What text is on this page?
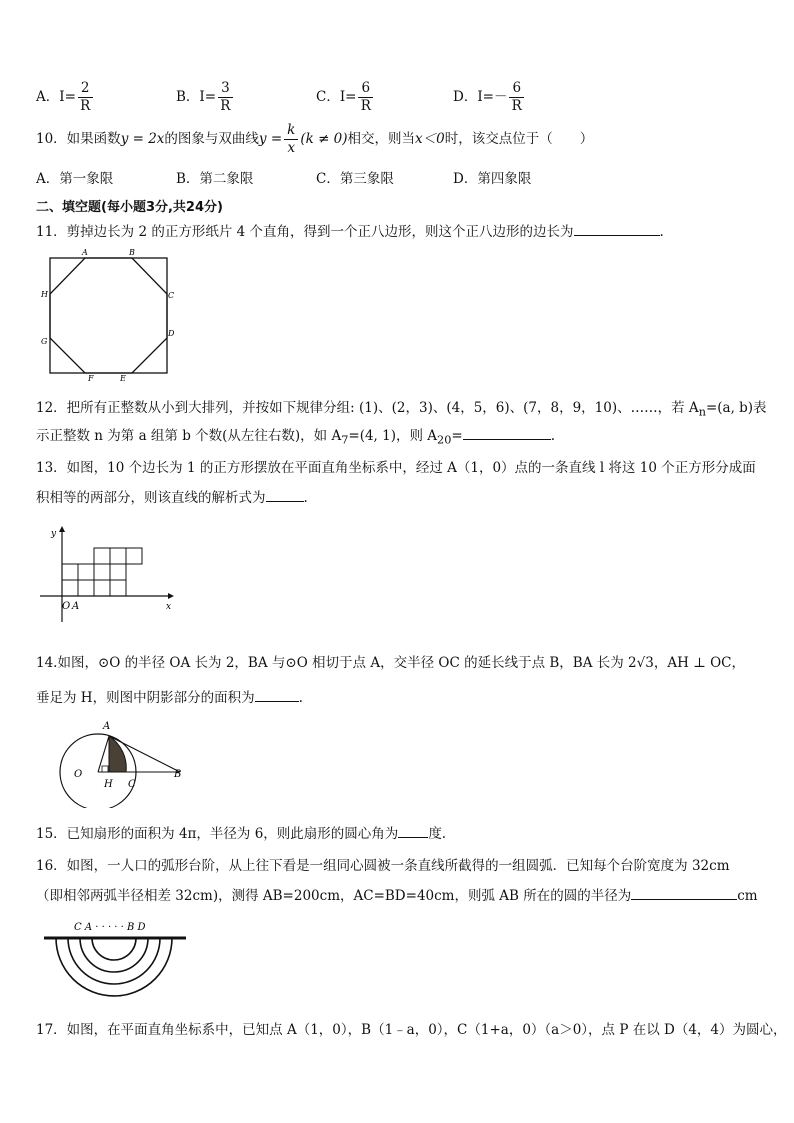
A．$I= \frac{2}{R}$	B．$I= \frac{3}{R}$	C．$I= \frac{6}{R}$	D．$I=- \frac{6}{R}$
10．如果函数y = 2x的图象与双曲线$y = \frac{k}{x} (k \ne 0)$相交，则当x＜0时，该交点位于（　　）
A．第一象限	B．第二象限	C．第三象限	D．第四象限
二、填空题(每小题3分,共24分)
11．剪掉边长为 2 的正方形纸片 4 个直角，得到一个正八边形，则这个正八边形的边长为	.
A	B
C
D
E
F
G
H
12．把所有正整数从小到大排列，并按如下规律分组: (1)、(2，3)、(4，5，6)、(7，8，9，10)、……，若 $A_n=(a$, b)表
示正整数 n 为第 a 组第 b 个数(从左往右数)，如 $A_7=(4$, 1)，则 $A_{20}=$	.
13．如图，10 个边长为 1 的正方形摆放在平面直角坐标系中，经过 A（1，0）点的一条直线 l 将这 10 个正方形分成面
积相等的两部分，则该直线的解析式为	.
y
x
O A
14.如图，⊙O 的半径 OA 长为 2，BA 与⊙O 相切于点 A，交半径 OC 的延长线于点 B，BA 长为 2√3，AH ⊥ OC，
垂足为 H，则图中阴影部分的面积为	.
A
O
H C
B
15．已知扇形的面积为 4π，半径为 6，则此扇形的圆心角为 度.
16．如图，一人口的弧形台阶，从上往下看是一组同心圆被一条直线所截得的一组圆弧．已知每个台阶宽度为 32cm
（即相邻两弧半径相差 32cm)，测得 AB=200cm，AC=BD=40cm，则弧 AB 所在的圆的半径为	cm
C A · · · · · B D
17．如图，在平面直角坐标系中，已知点 A（1，0），B（1﹣a，0），C（1+a，0）（a＞0），点 P 在以 D（4，4）为圆心，
